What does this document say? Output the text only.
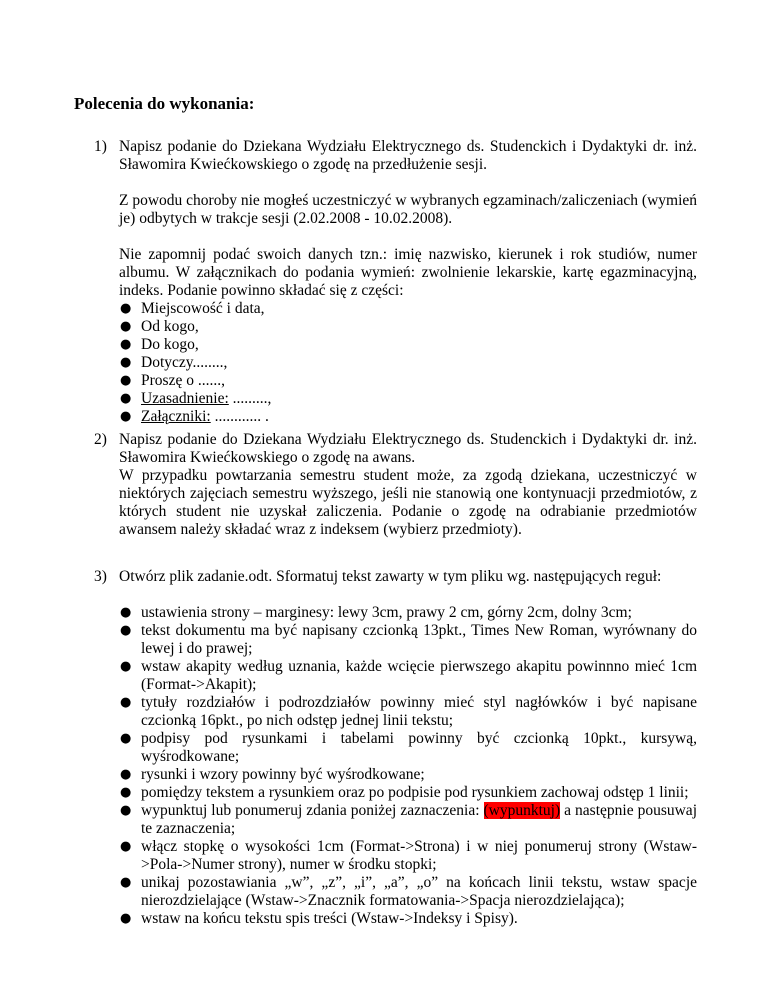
Polecenia do wykonania:
1) Napisz podanie do Dziekana Wydziału Elektrycznego ds. Studenckich i Dydaktyki dr. inż. Sławomira Kwiećkowskiego o zgodę na przedłużenie sesji.

Z powodu choroby nie mogłeś uczestniczyć w wybranych egzaminach/zaliczeniach (wymień je) odbytych w trakcje sesji (2.02.2008 - 10.02.2008).

Nie zapomnij podać swoich danych tzn.: imię nazwisko, kierunek i rok studiów, numer albumu. W załącznikach do podania wymień: zwolnienie lekarskie, kartę egazminacyjną, indeks. Podanie powinno składać się z części:

● Miejscowość i data,
● Od kogo,
● Do kogo,
● Dotyczy........,
● Proszę o ......,
● Uzasadnienie: .........,
● Załączniki: ............ .
2) Napisz podanie do Dziekana Wydziału Elektrycznego ds. Studenckich i Dydaktyki dr. inż. Sławomira Kwiećkowskiego o zgodę na awans.

W przypadku powtarzania semestru student może, za zgodą dziekana, uczestniczyć w niektórych zajęciach semestru wyższego, jeśli nie stanowią one kontynuacji przedmiotów, z których student nie uzyskał zaliczenia. Podanie o zgodę na odrabianie przedmiotów awansem należy składać wraz z indeksem (wybierz przedmioty).

3) Otwórz plik zadanie.odt. Sformatuj tekst zawarty w tym pliku wg. następujących reguł:

● ustawienia strony – marginesy: lewy 3cm, prawy 2 cm, górny 2cm, dolny 3cm;
● tekst dokumentu ma być napisany czcionką 13pkt., Times New Roman, wyrównany do lewej i do prawej;
● wstaw akapity według uznania, każde wcięcie pierwszego akapitu powinnno mieć 1cm (Format->Akapit);
● tytuły rozdziałów i podrozdziałów powinny mieć styl nagłówków i być napisane czcionką 16pkt., po nich odstęp jednej linii tekstu;
● podpisy pod rysunkami i tabelami powinny być czcionką 10pkt., kursywą, wyśrodkowane;
● rysunki i wzory powinny być wyśrodkowane;
● pomiędzy tekstem a rysunkiem oraz po podpisie pod rysunkiem zachowaj odstęp 1 linii;
● wypunktuj lub ponumeruj zdania poniżej zaznaczenia: (wypunktuj) a następnie pousuwaj te zaznaczenia;
● włącz stopkę o wysokości 1cm (Format->Strona) i w niej ponumeruj strony (Wstaw->Pola->Numer strony), numer w środku stopki;
● unikaj pozostawiania „w”, „z”, „i”, „a”, „o” na końcach linii tekstu, wstaw spacje nierozdzielające (Wstaw->Znacznik formatowania->Spacja nierozdzielająca);
● wstaw na końcu tekstu spis treści (Wstaw->Indeksy i Spisy).
